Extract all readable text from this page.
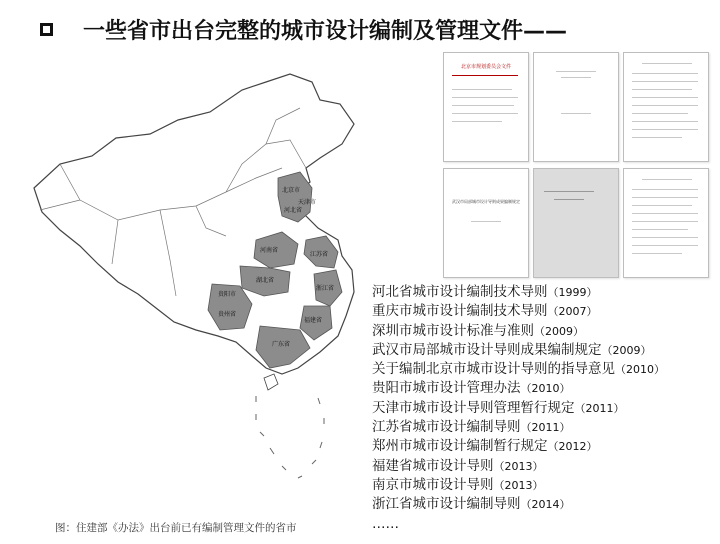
一些省市出台完整的城市设计编制及管理文件——
北京市
天津市
河北省
河南省
江苏省
湖北省
浙江省
贵阳市
贵州省
福建省
广东省
北京市规划委员会文件
武汉市局部城市设计导则成果编制规定
河北省城市设计编制技术导则（1999）
重庆市城市设计编制技术导则（2007）
深圳市城市设计标准与准则（2009）
武汉市局部城市设计导则成果编制规定（2009）
关于编制北京市城市设计导则的指导意见（2010）
贵阳市城市设计管理办法（2010）
天津市城市设计导则管理暂行规定（2011）
江苏省城市设计编制导则（2011）
郑州市城市设计编制暂行规定（2012）
福建省城市设计导则（2013）
南京市城市设计导则（2013）
浙江省城市设计编制导则（2014）
……
图：住建部《办法》出台前已有编制管理文件的省市
